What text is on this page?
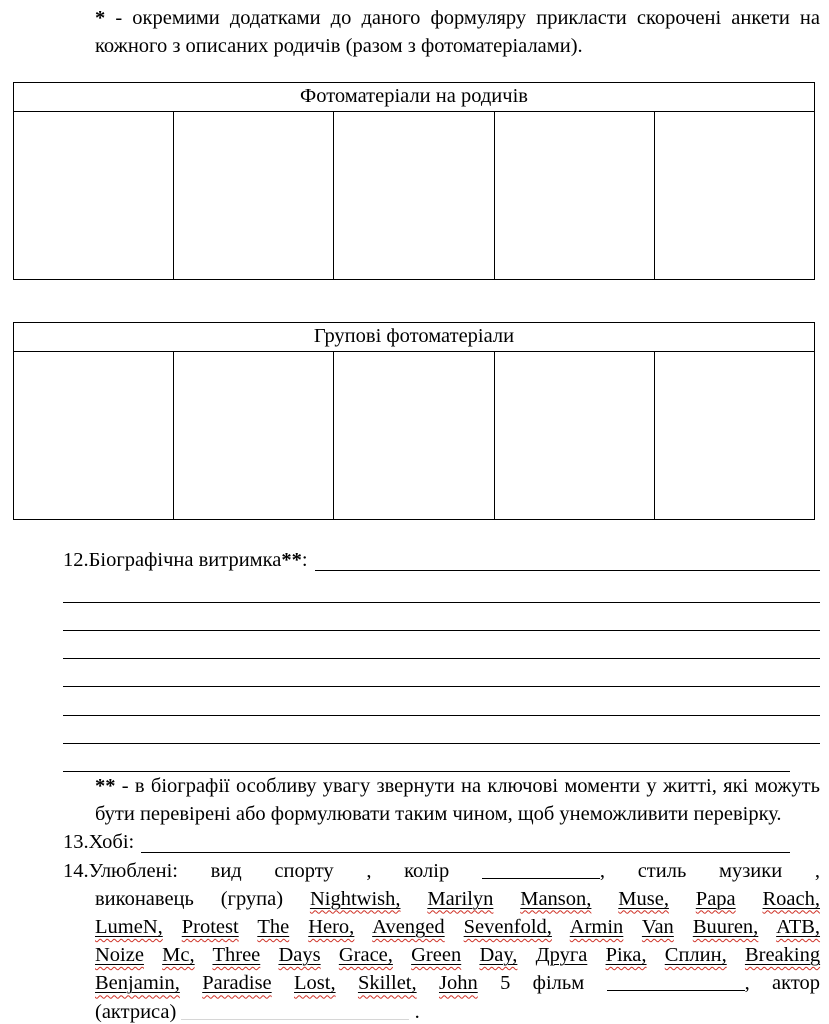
* - окремими додатками до даного формуляру прикласти скорочені анкети на
кожного з описаних родичів (разом з фотоматеріалами).
Фотоматеріали на родичів
Групові фотоматеріали
12.Біографічна витримка ** :
** - в біографії особливу увагу звернути на ключові моменти у житті, які можуть
бути перевірені або формулювати таким чином, щоб унеможливити перевірку.
13. Хобі:
14.Улюблені: вид спорту , колір	, стиль музики ,
виконавець (група) Nightwish, Marilyn Manson, Muse, Papa Roach,
LumeN, Protest The Hero, Avenged Sevenfold, Armin Van Buuren, ATB,
Noize Mc, Three Days Grace, Green Day, Друга Ріка, Сплин, Breaking
Benjamin, Paradise Lost, Skillet, John 5 фільм	, актор
(актриса)	.
